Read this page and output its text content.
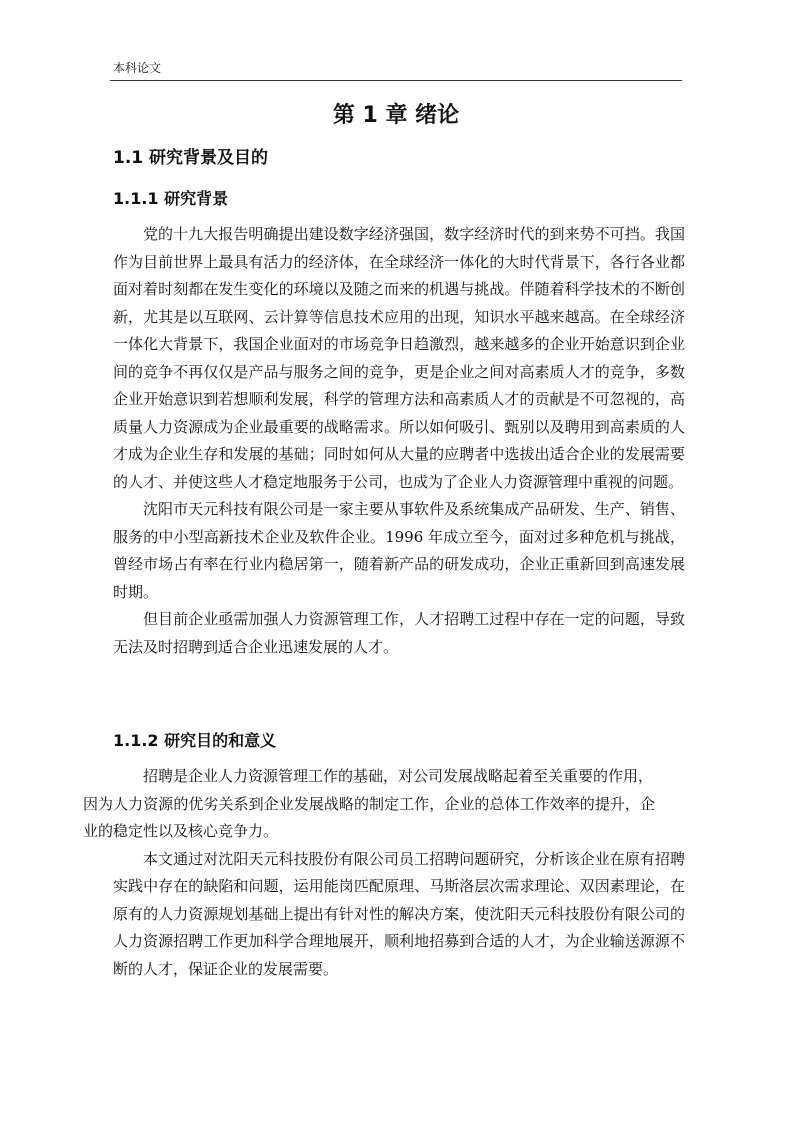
本科论文
第 1 章 绪论
1.1 研究背景及目的
1.1.1 研究背景

党的十九大报告明确提出建设数字经济强国，数字经济时代的到来势不可挡。我国作为目前世界上最具有活力的经济体，在全球经济一体化的大时代背景下，各行各业都面对着时刻都在发生变化的环境以及随之而来的机遇与挑战。伴随着科学技术的不断创新，尤其是以互联网、云计算等信息技术应用的出现，知识水平越来越高。在全球经济一体化大背景下，我国企业面对的市场竞争日趋激烈，越来越多的企业开始意识到企业间的竞争不再仅仅是产品与服务之间的竞争，更是企业之间对高素质人才的竞争，多数企业开始意识到若想顺利发展，科学的管理方法和高素质人才的贡献是不可忽视的，高质量人力资源成为企业最重要的战略需求。所以如何吸引、甄别以及聘用到高素质的人才成为企业生存和发展的基础；同时如何从大量的应聘者中选拔出适合企业的发展需要的人才、并使这些人才稳定地服务于公司，也成为了企业人力资源管理中重视的问题。

沈阳市天元科技有限公司是一家主要从事软件及系统集成产品研发、生产、销售、服务的中小型高新技术企业及软件企业。1996 年成立至今，面对过多种危机与挑战，曾经市场占有率在行业内稳居第一，随着新产品的研发成功，企业正重新回到高速发展时期。

但目前企业亟需加强人力资源管理工作，人才招聘工过程中存在一定的问题，导致无法及时招聘到适合企业迅速发展的人才。

1.1.2 研究目的和意义

招聘是企业人力资源管理工作的基础，对公司发展战略起着至关重要的作用，
因为人力资源的优劣关系到企业发展战略的制定工作，企业的总体工作效率的提升，企业的稳定性以及核心竞争力。

本文通过对沈阳天元科技股份有限公司员工招聘问题研究，分析该企业在原有招聘实践中存在的缺陷和问题，运用能岗匹配原理、马斯洛层次需求理论、双因素理论，在原有的人力资源规划基础上提出有针对性的解决方案，使沈阳天元科技股份有限公司的人力资源招聘工作更加科学合理地展开，顺利地招募到合适的人才，为企业输送源源不断的人才，保证企业的发展需要。
